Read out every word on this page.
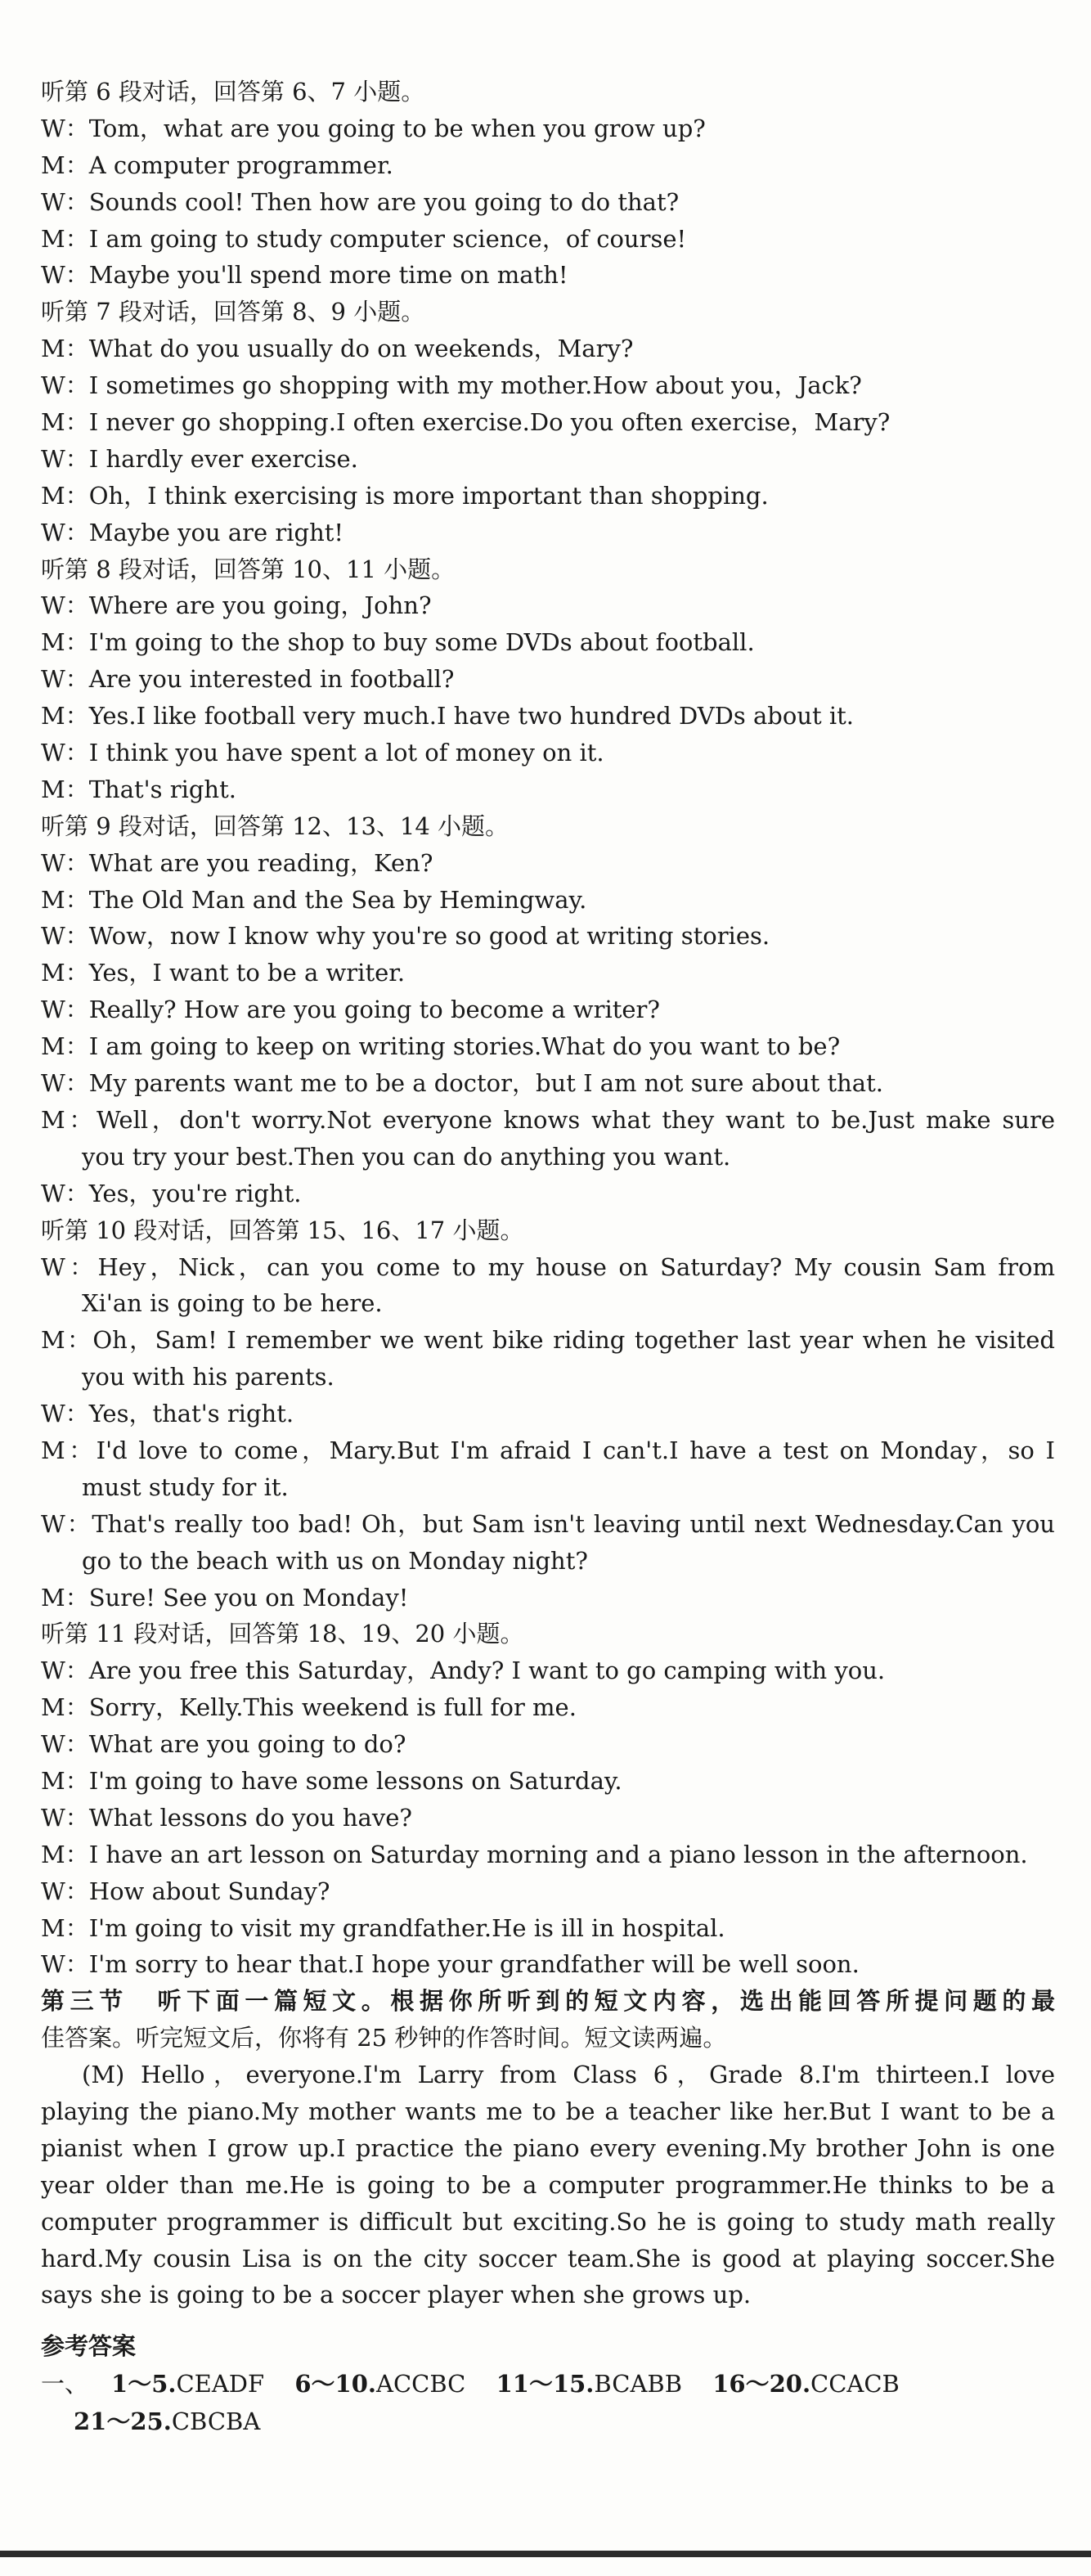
听第 6 段对话，回答第 6、7 小题。
W：Tom，what are you going to be when you grow up?
M：A computer programmer.
W：Sounds cool! Then how are you going to do that?
M：I am going to study computer science，of course!
W：Maybe you'll spend more time on math!
听第 7 段对话，回答第 8、9 小题。
M：What do you usually do on weekends，Mary?
W：I sometimes go shopping with my mother.How about you，Jack?
M：I never go shopping.I often exercise.Do you often exercise，Mary?
W：I hardly ever exercise.
M：Oh，I think exercising is more important than shopping.
W：Maybe you are right!
听第 8 段对话，回答第 10、11 小题。
W：Where are you going，John?
M：I'm going to the shop to buy some DVDs about football.
W：Are you interested in football?
M：Yes.I like football very much.I have two hundred DVDs about it.
W：I think you have spent a lot of money on it.
M：That's right.
听第 9 段对话，回答第 12、13、14 小题。
W：What are you reading，Ken?
M：The Old Man and the Sea by Hemingway.
W：Wow，now I know why you're so good at writing stories.
M：Yes，I want to be a writer.
W：Really? How are you going to become a writer?
M：I am going to keep on writing stories.What do you want to be?
W：My parents want me to be a doctor，but I am not sure about that.
M：Well，don't worry.Not everyone knows what they want to be.Just make sure
you try your best.Then you can do anything you want.
W：Yes，you're right.
听第 10 段对话，回答第 15、16、17 小题。
W：Hey，Nick，can you come to my house on Saturday? My cousin Sam from
Xi'an is going to be here.
M：Oh，Sam! I remember we went bike riding together last year when he visited
you with his parents.
W：Yes，that's right.
M：I'd love to come，Mary.But I'm afraid I can't.I have a test on Monday，so I
must study for it.
W：That's really too bad! Oh，but Sam isn't leaving until next Wednesday.Can you
go to the beach with us on Monday night?
M：Sure! See you on Monday!
听第 11 段对话，回答第 18、19、20 小题。
W：Are you free this Saturday，Andy? I want to go camping with you.
M：Sorry，Kelly.This weekend is full for me.
W：What are you going to do?
M：I'm going to have some lessons on Saturday.
W：What lessons do you have?
M：I have an art lesson on Saturday morning and a piano lesson in the afternoon.
W：How about Sunday?
M：I'm going to visit my grandfather.He is ill in hospital.
W：I'm sorry to hear that.I hope your grandfather will be well soon.
第三节　听下面一篇短文。根据你所听到的短文内容，选出能回答所提问题的最
佳答案。听完短文后，你将有 25 秒钟的作答时间。短文读两遍。
(M) Hello，everyone.I'm Larry from Class 6，Grade 8.I'm thirteen.I love
playing the piano.My mother wants me to be a teacher like her.But I want to be a
pianist when I grow up.I practice the piano every evening.My brother John is one
year older than me.He is going to be a computer programmer.He thinks to be a
computer programmer is difficult but exciting.So he is going to study math really
hard.My cousin Lisa is on the city soccer team.She is good at playing soccer.She
says she is going to be a soccer player when she grows up.
参考答案
一、 1～5.CEADF 6～10.ACCBC 11～15.BCABB 16～20.CCACB
21～25.CBCBA
